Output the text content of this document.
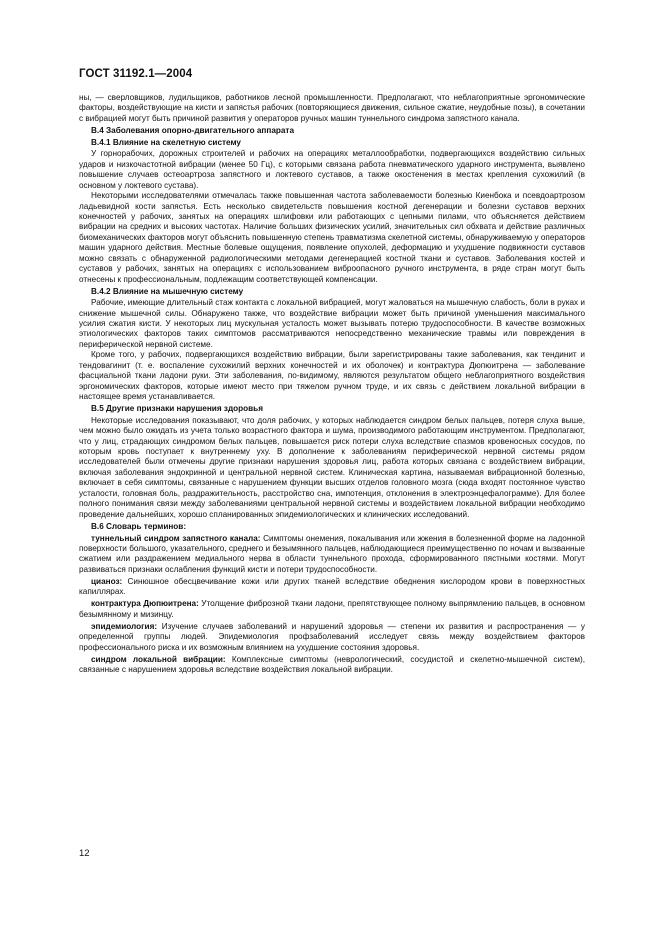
ГОСТ 31192.1—2004

ны, — сверловщиков, лудильщиков, работников лесной промышленности. Предполагают, что неблагоприятные эргономические факторы, воздействующие на кисти и запястья рабочих (повторяющиеся движения, сильное сжатие, неудобные позы), в сочетании с вибрацией могут быть причиной развития у операторов ручных машин туннельного синдрома запястного канала.

В.4 Заболевания опорно-двигательного аппарата
В.4.1 Влияние на скелетную систему

У горнорабочих, дорожных строителей и рабочих на операциях металлообработки, подвергающихся воздействию сильных ударов и низкочастотной вибрации (менее 50 Гц), с которыми связана работа пневматического ударного инструмента, выявлено повышение случаев остеоартроза запястного и локтевого суставов, а также окостенения в местах крепления сухожилий (в основном у локтевого сустава).

Некоторыми исследователями отмечалась также повышенная частота заболеваемости болезнью Киенбока и псевдоартрозом ладьевидной кости запястья. Есть несколько свидетельств повышения костной дегенерации и болезни суставов верхних конечностей у рабочих, занятых на операциях шлифовки или работающих с цепными пилами, что объясняется действием вибрации на средних и высоких частотах. Наличие больших физических усилий, значительных сил обхвата и действие различных биомеханических факторов могут объяснить повышенную степень травматизма скелетной системы, обнаруживаемую у операторов машин ударного действия. Местные болевые ощущения, появление опухолей, деформацию и ухудшение подвижности суставов можно связать с обнаруженной радиологическими методами дегенерацией костной ткани и суставов. Заболевания костей и суставов у рабочих, занятых на операциях с использованием виброопасного ручного инструмента, в ряде стран могут быть отнесены к профессиональным, подлежащим соответствующей компенсации.

В.4.2 Влияние на мышечную систему

Рабочие, имеющие длительный стаж контакта с локальной вибрацией, могут жаловаться на мышечную слабость, боли в руках и снижение мышечной силы. Обнаружено также, что воздействие вибрации может быть причиной уменьшения максимального усилия сжатия кисти. У некоторых лиц мускульная усталость может вызывать потерю трудоспособности. В качестве возможных этиологических факторов таких симптомов рассматриваются непосредственно механические травмы или повреждения в периферической нервной системе.

Кроме того, у рабочих, подвергающихся воздействию вибрации, были зарегистрированы такие заболевания, как тендинит и тендовагинит (т. е. воспаление сухожилий верхних конечностей и их оболочек) и контрактура Дюпюитрена — заболевание фасциальной ткани ладони руки. Эти заболевания, по-видимому, являются результатом общего неблагоприятного воздействия эргономических факторов, которые имеют место при тяжелом ручном труде, и их связь с действием локальной вибрации в настоящее время устанавливается.

В.5 Другие признаки нарушения здоровья

Некоторые исследования показывают, что доля рабочих, у которых наблюдается синдром белых пальцев, потеря слуха выше, чем можно было ожидать из учета только возрастного фактора и шума, производимого работающим инструментом. Предполагают, что у лиц, страдающих синдромом белых пальцев, повышается риск потери слуха вследствие спазмов кровеносных сосудов, по которым кровь поступает к внутреннему уху. В дополнение к заболеваниям периферической нервной системы рядом исследователей были отмечены другие признаки нарушения здоровья лиц, работа которых связана с воздействием вибрации, включая заболевания эндокринной и центральной нервной систем. Клиническая картина, называемая вибрационной болезнью, включает в себя симптомы, связанные с нарушением функции высших отделов головного мозга (сюда входят постоянное чувство усталости, головная боль, раздражительность, расстройство сна, импотенция, отклонения в электроэнцефалограмме). Для более полного понимания связи между заболеваниями центральной нервной системы и воздействием локальной вибрации необходимо проведение дальнейших, хорошо спланированных эпидемиологических и клинических исследований.

В.6 Словарь терминов:

туннельный синдром запястного канала: Симптомы онемения, покалывания или жжения в болезненной форме на ладонной поверхности большого, указательного, среднего и безымянного пальцев, наблюдающиеся преимущественно по ночам и вызванные сжатием или раздражением медиального нерва в области туннельного прохода, сформированного пястными костями. Могут развиваться признаки ослабления функций кисти и потери трудоспособности.

цианоз: Синюшное обесцвечивание кожи или других тканей вследствие обеднения кислородом крови в поверхностных капиллярах.

контрактура Дюпюитрена: Утолщение фиброзной ткани ладони, препятствующее полному выпрямлению пальцев, в основном безымянному и мизинцу.

эпидемиология: Изучение случаев заболеваний и нарушений здоровья — степени их развития и распространения — у определенной группы людей. Эпидемиология профзаболеваний исследует связь между воздействием факторов профессионального риска и их возможным влиянием на ухудшение состояния здоровья.

синдром локальной вибрации: Комплексные симптомы (неврологический, сосудистой и скелетно-мышечной систем), связанные с нарушением здоровья вследствие воздействия локальной вибрации.

12
